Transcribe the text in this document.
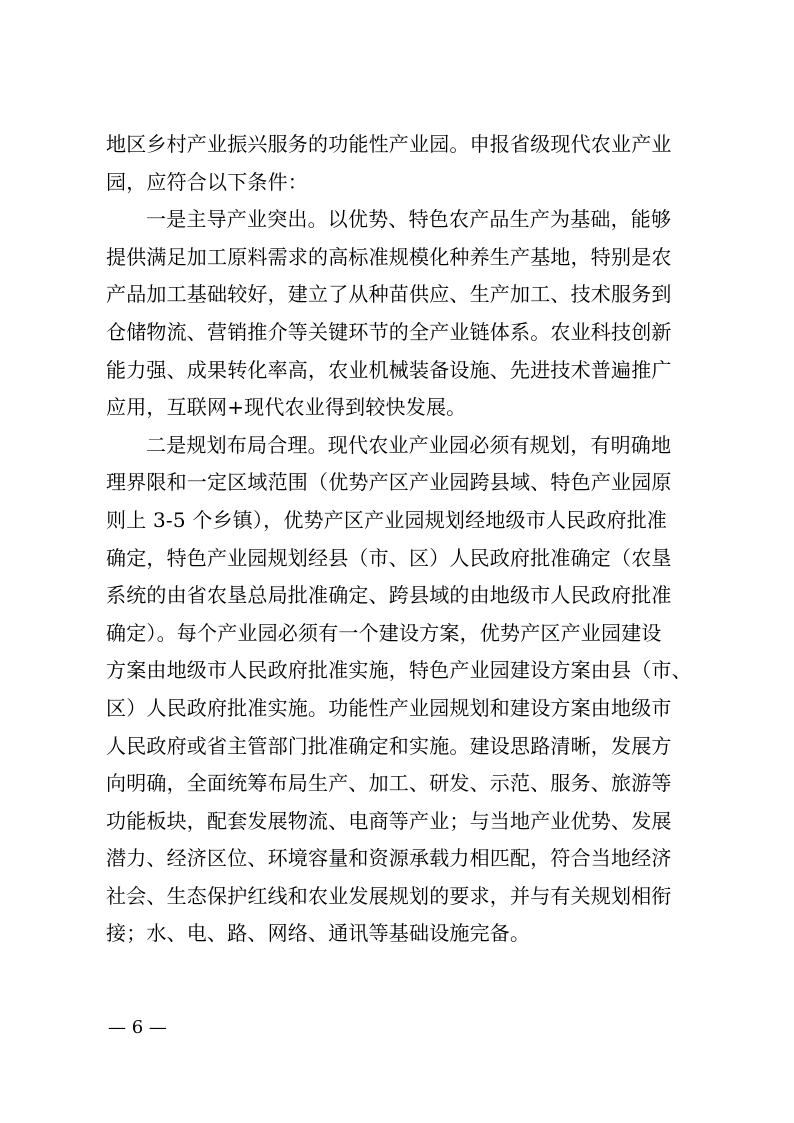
地区乡村产业振兴服务的功能性产业园。申报省级现代农业产业
园，应符合以下条件：
一是主导产业突出。以优势、特色农产品生产为基础，能够
提供满足加工原料需求的高标准规模化种养生产基地，特别是农
产品加工基础较好，建立了从种苗供应、生产加工、技术服务到
仓储物流、营销推介等关键环节的全产业链体系。农业科技创新
能力强、成果转化率高，农业机械装备设施、先进技术普遍推广
应用，互联网+现代农业得到较快发展。
二是规划布局合理。现代农业产业园必须有规划，有明确地
理界限和一定区域范围（优势产区产业园跨县域、特色产业园原
则上 3-5 个乡镇），优势产区产业园规划经地级市人民政府批准
确定，特色产业园规划经县（市、区）人民政府批准确定（农垦
系统的由省农垦总局批准确定、跨县域的由地级市人民政府批准
确定）。每个产业园必须有一个建设方案，优势产区产业园建设
方案由地级市人民政府批准实施，特色产业园建设方案由县（市、
区）人民政府批准实施。功能性产业园规划和建设方案由地级市
人民政府或省主管部门批准确定和实施。建设思路清晰，发展方
向明确，全面统筹布局生产、加工、研发、示范、服务、旅游等
功能板块，配套发展物流、电商等产业；与当地产业优势、发展
潜力、经济区位、环境容量和资源承载力相匹配，符合当地经济
社会、生态保护红线和农业发展规划的要求，并与有关规划相衔
接；水、电、路、网络、通讯等基础设施完备。
— 6 —
